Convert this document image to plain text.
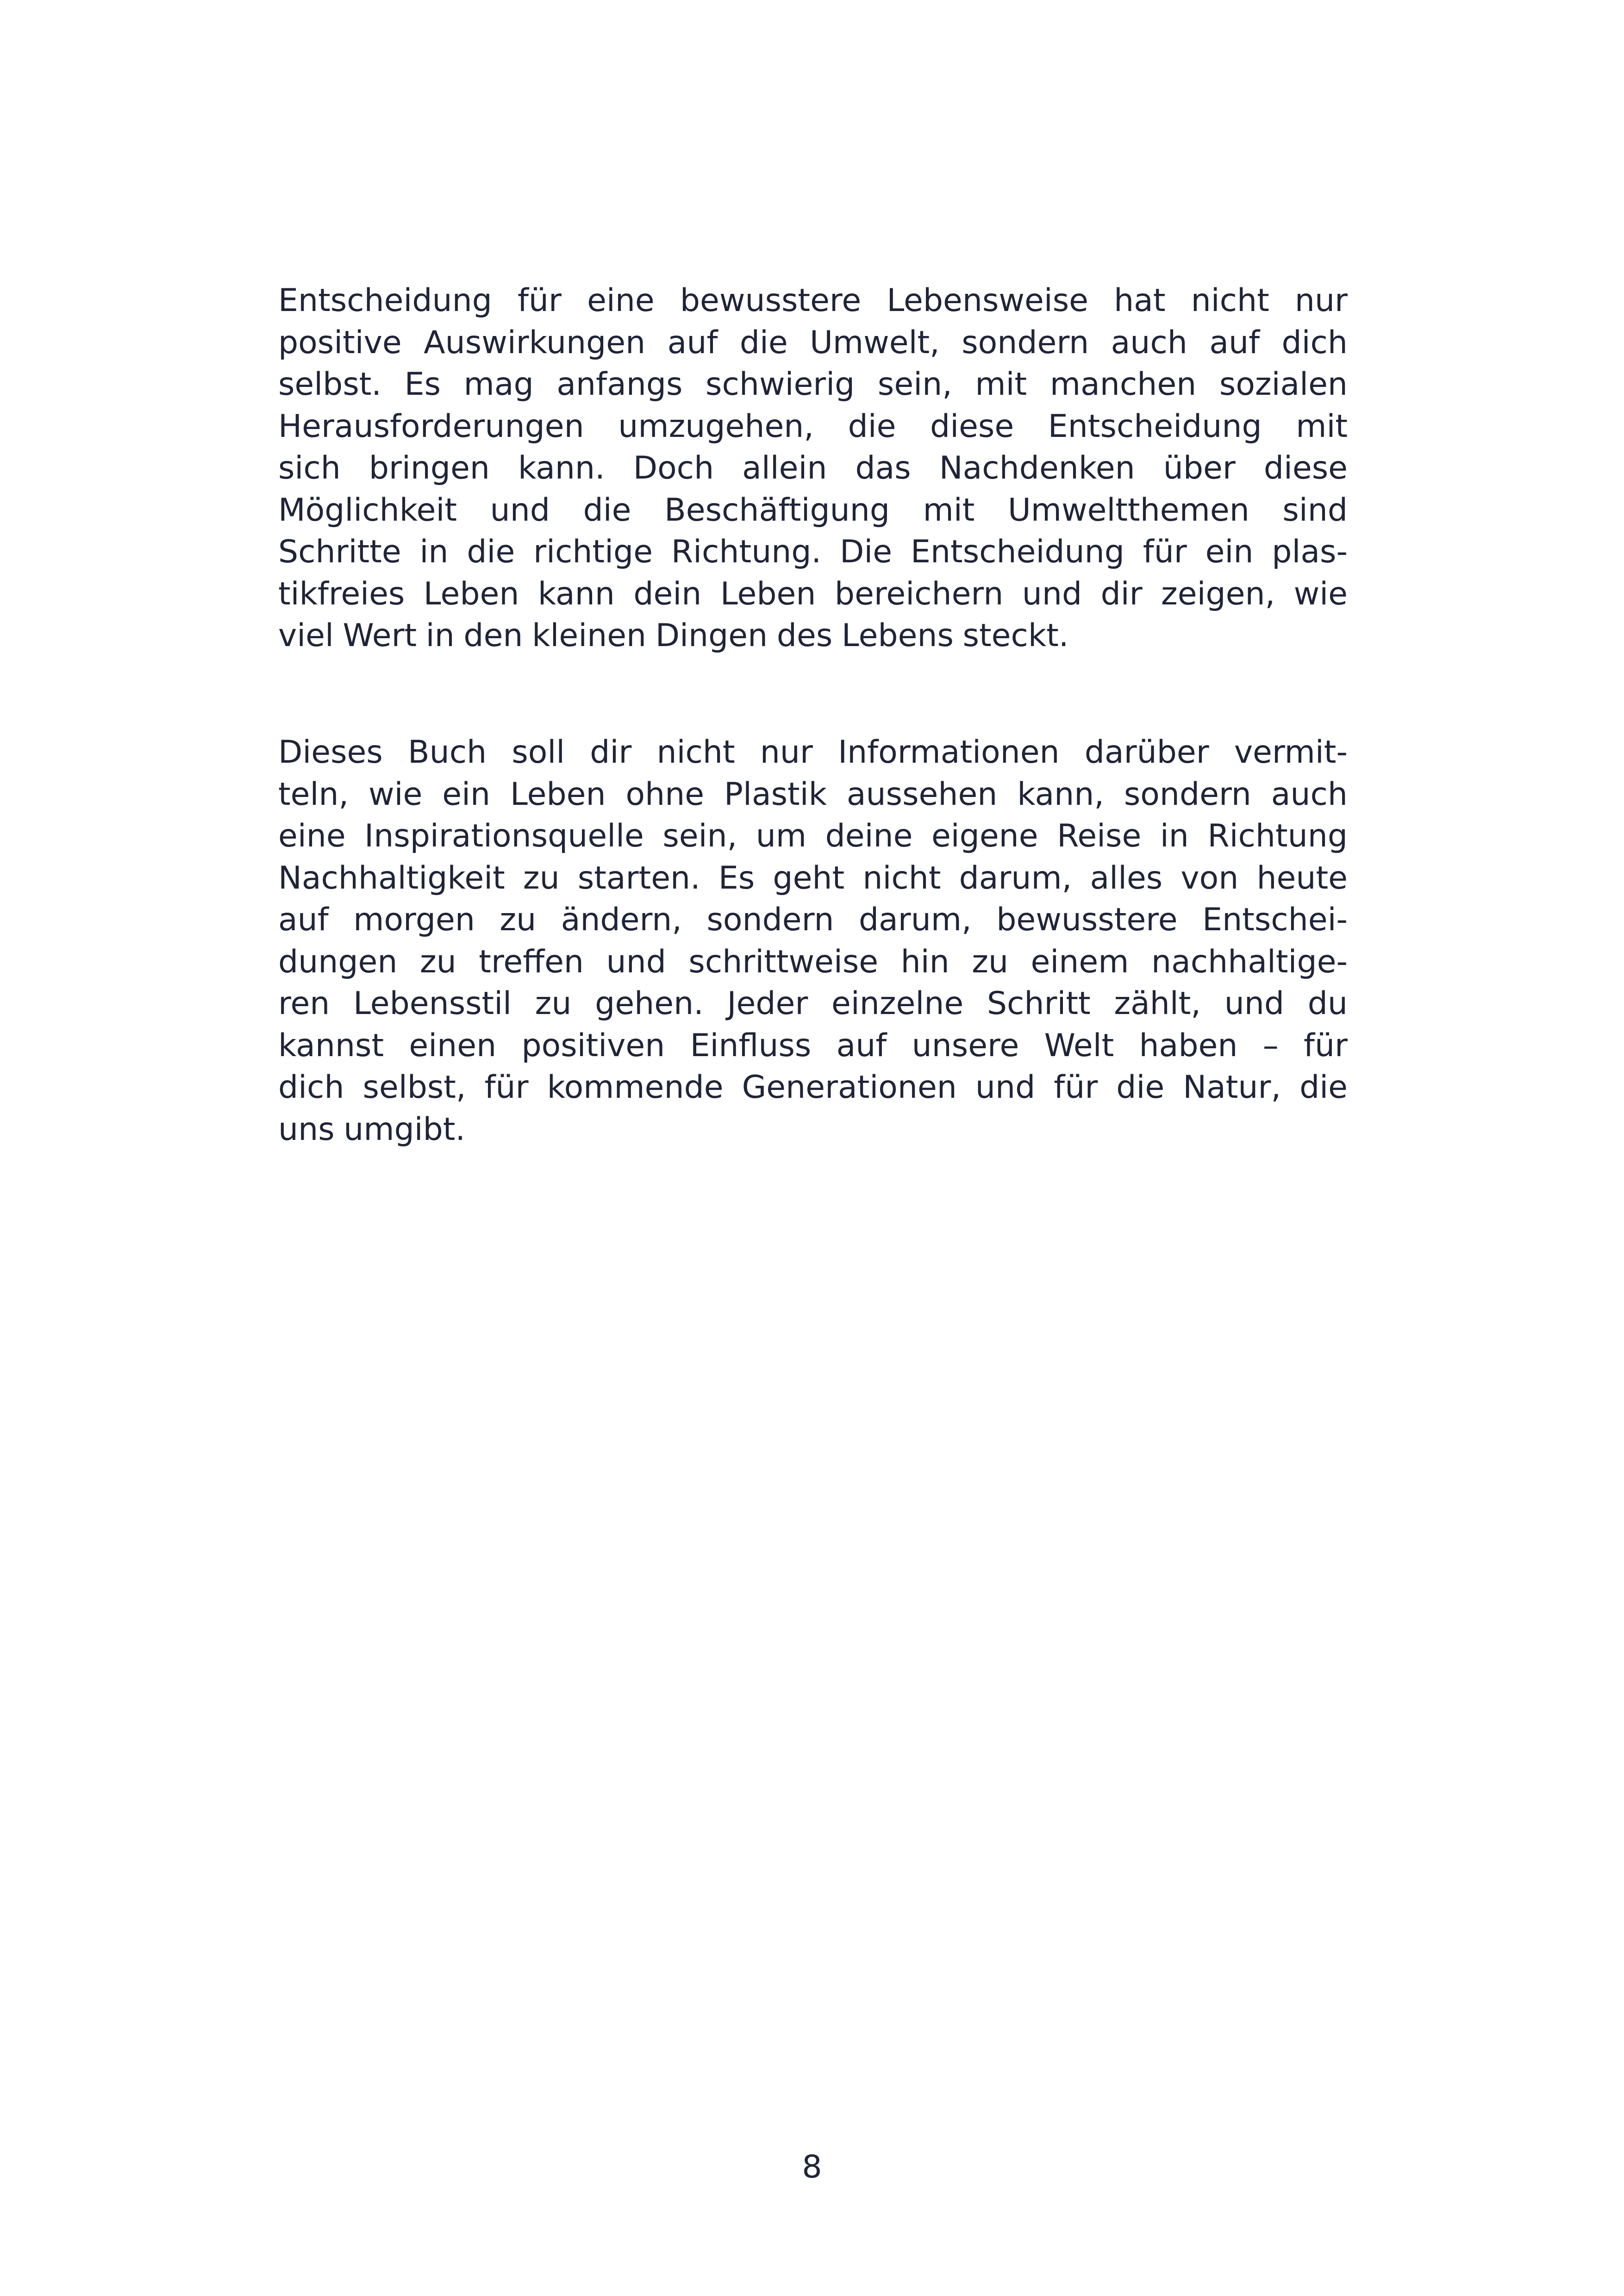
Entscheidung für eine bewusstere Lebensweise hat nicht nur
positive Auswirkungen auf die Umwelt, sondern auch auf dich
selbst. Es mag anfangs schwierig sein, mit manchen sozialen
Herausforderungen umzugehen, die diese Entscheidung mit
sich bringen kann. Doch allein das Nachdenken über diese
Möglichkeit und die Beschäftigung mit Umweltthemen sind
Schritte in die richtige Richtung. Die Entscheidung für ein plas-
tikfreies Leben kann dein Leben bereichern und dir zeigen, wie
viel Wert in den kleinen Dingen des Lebens steckt.
Dieses Buch soll dir nicht nur Informationen darüber vermit-
teln, wie ein Leben ohne Plastik aussehen kann, sondern auch
eine Inspirationsquelle sein, um deine eigene Reise in Richtung
Nachhaltigkeit zu starten. Es geht nicht darum, alles von heute
auf morgen zu ändern, sondern darum, bewusstere Entschei-
dungen zu treffen und schrittweise hin zu einem nachhaltige-
ren Lebensstil zu gehen. Jeder einzelne Schritt zählt, und du
kannst einen positiven Einfluss auf unsere Welt haben – für
dich selbst, für kommende Generationen und für die Natur, die
uns umgibt.
8
